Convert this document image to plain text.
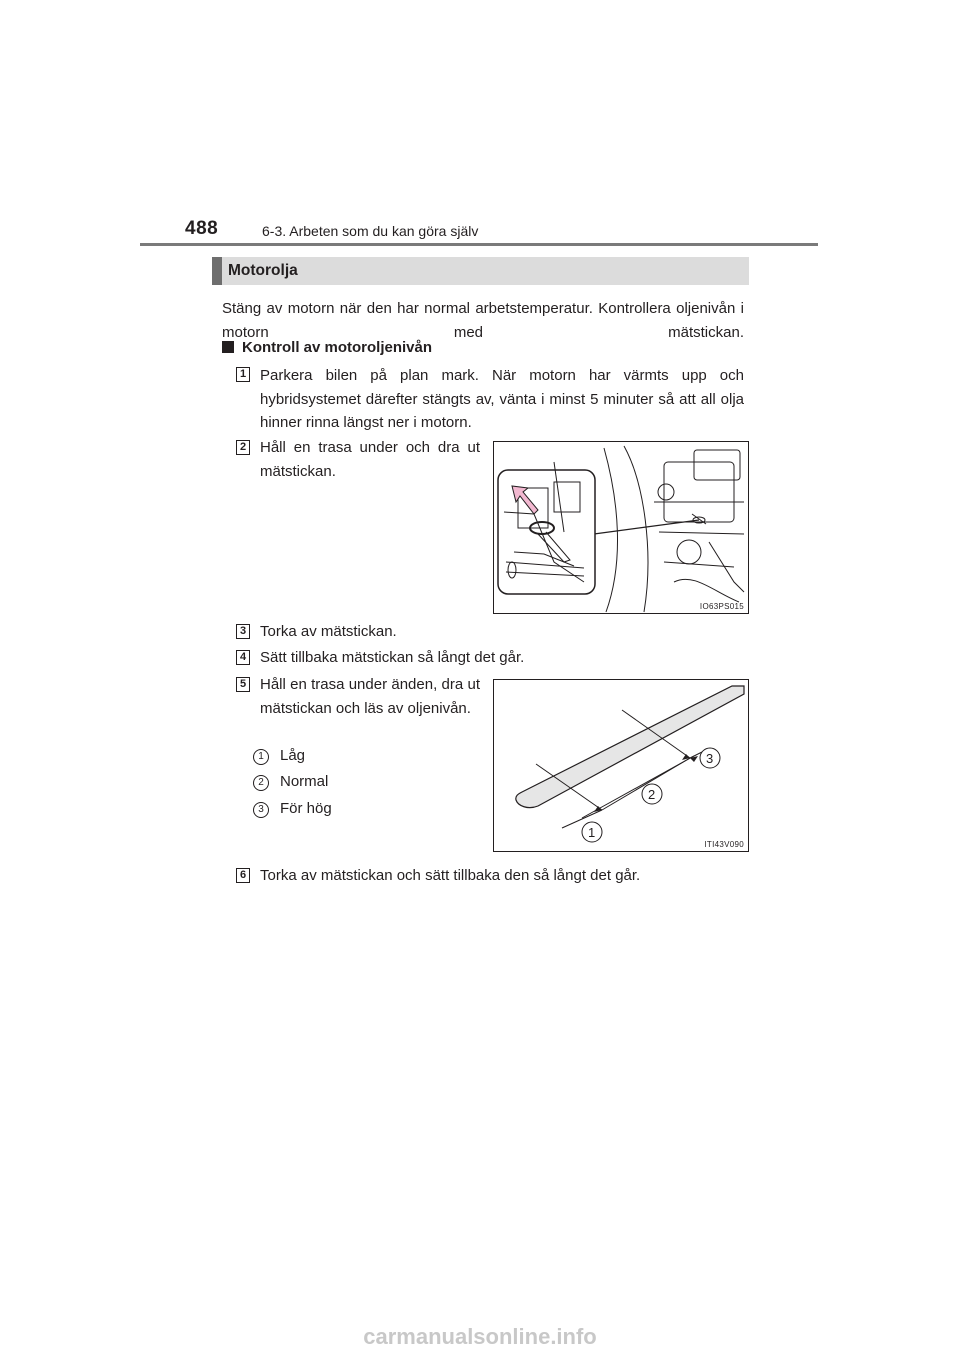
488	6-3. Arbeten som du kan göra själv
Motorolja

Stäng av motorn när den har normal arbetstemperatur. Kontrollera oljenivån i motorn med mätstickan.

Kontroll av motoroljenivån
1 Parkera bilen på plan mark. När motorn har värmts upp och hybridsystemet därefter stängts av, vänta i minst 5 minuter så att all olja hinner rinna längst ner i motorn.

2 Håll en trasa under och dra ut mätstickan.

IO63PS015
3 Torka av mätstickan.

4 Sätt tillbaka mätstickan så långt det går.

5 Håll en trasa under änden, dra ut mätstickan och läs av oljenivån.

1 Låg
2 Normal
3 För hög
3
2
1
ITI43V090
6 Torka av mätstickan och sätt tillbaka den så långt det går.

carmanualsonline.info
